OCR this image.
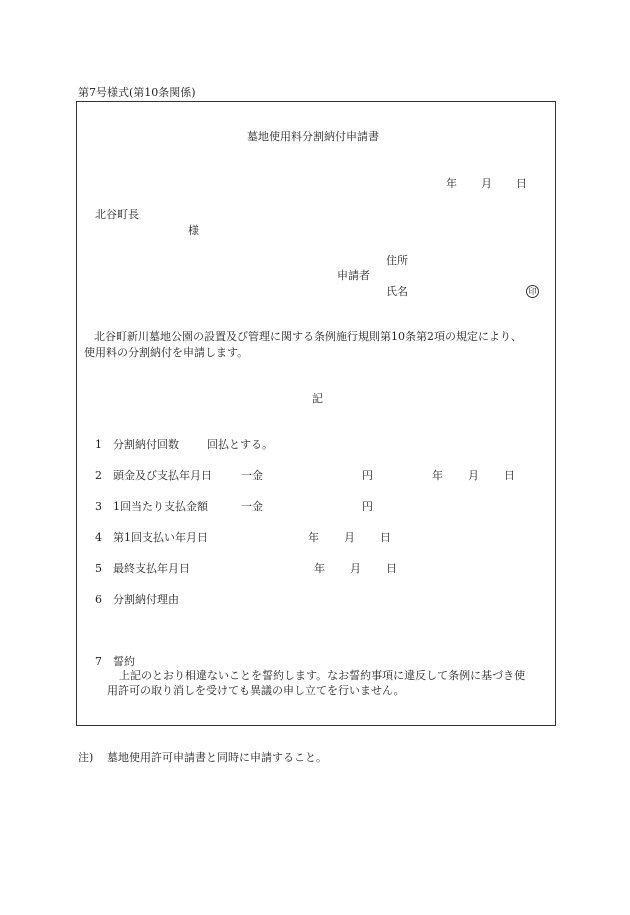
第7号様式(第10条関係)
墓地使用料分割納付申請書
年 月 日
北谷町長
様
住所
申請者
氏名	印
北谷町新川墓地公園の設置及び管理に関する条例施行規則第10条第2項の規定により、
使用料の分割納付を申請します。
記
1 分割納付回数	回払とする。
2 頭金及び支払年月日	一金	円	年 月 日
3 1回当たり支払金額	一金	円
4 第1回支払い年月日	年 月 日
5 最終支払年月日	年 月 日
6 分割納付理由
7 誓約
上記のとおり相違ないことを誓約します。なお誓約事項に違反して条例に基づき使
用許可の取り消しを受けても異議の申し立てを行いません。
注) 墓地使用許可申請書と同時に申請すること。
